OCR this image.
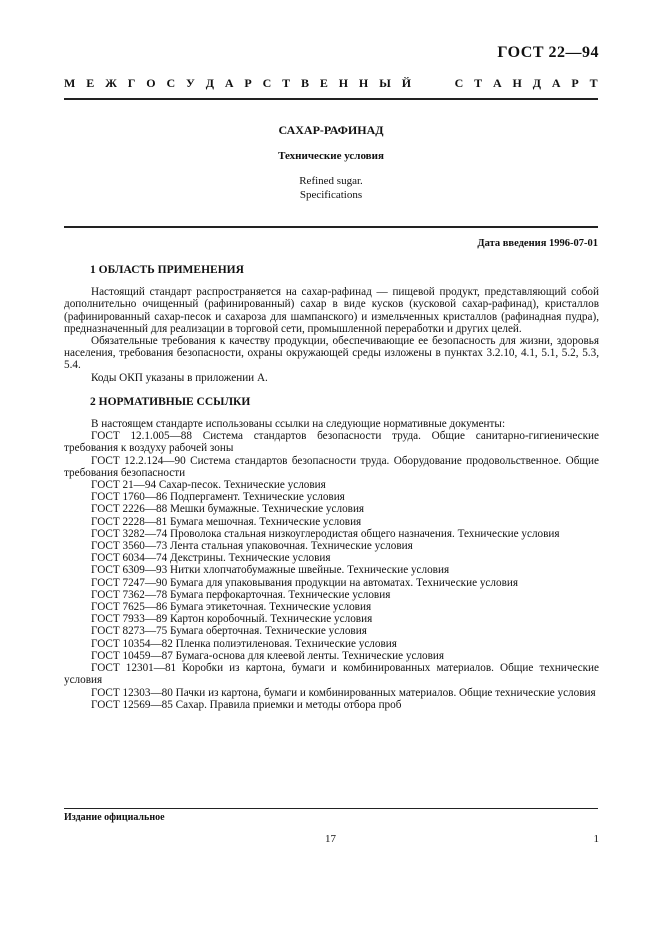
ГОСТ 22—94
М Е Ж Г О С У Д А Р С Т В Е Н Н Ы Й	С Т А Н Д А Р Т
САХАР-РАФИНАД
Технические условия
Refined sugar.
Specifications
Дата введения 1996-07-01
1 ОБЛАСТЬ ПРИМЕНЕНИЯ

Настоящий стандарт распространяется на сахар-рафинад — пищевой продукт, представляющий собой дополнительно очищенный (рафинированный) сахар в виде кусков (кусковой сахар-рафинад), кристаллов (рафинированный сахар-песок и сахароза для шампанского) и измельченных кристаллов (рафинадная пудра), предназначенный для реализации в торговой сети, промышленной переработки и других целей.

Обязательные требования к качеству продукции, обеспечивающие ее безопасность для жизни, здоровья населения, требования безопасности, охраны окружающей среды изложены в пунктах 3.2.10, 4.1, 5.1, 5.2, 5.3, 5.4.

Коды ОКП указаны в приложении А.

2 НОРМАТИВНЫЕ ССЫЛКИ

В настоящем стандарте использованы ссылки на следующие нормативные документы:

ГОСТ 12.1.005—88 Система стандартов безопасности труда. Общие санитарно-гигиенические требования к воздуху рабочей зоны
ГОСТ 12.2.124—90 Система стандартов безопасности труда. Оборудование продовольственное. Общие требования безопасности
ГОСТ 21—94 Сахар-песок. Технические условия
ГОСТ 1760—86 Подпергамент. Технические условия
ГОСТ 2226—88 Мешки бумажные. Технические условия
ГОСТ 2228—81 Бумага мешочная. Технические условия
ГОСТ 3282—74 Проволока стальная низкоуглеродистая общего назначения. Технические условия
ГОСТ 3560—73 Лента стальная упаковочная. Технические условия
ГОСТ 6034—74 Декстрины. Технические условия
ГОСТ 6309—93 Нитки хлопчатобумажные швейные. Технические условия
ГОСТ 7247—90 Бумага для упаковывания продукции на автоматах. Технические условия
ГОСТ 7362—78 Бумага перфокарточная. Технические условия
ГОСТ 7625—86 Бумага этикеточная. Технические условия
ГОСТ 7933—89 Картон коробочный. Технические условия
ГОСТ 8273—75 Бумага оберточная. Технические условия
ГОСТ 10354—82 Пленка полиэтиленовая. Технические условия
ГОСТ 10459—87 Бумага-основа для клеевой ленты. Технические условия
ГОСТ 12301—81 Коробки из картона, бумаги и комбинированных материалов. Общие технические условия
ГОСТ 12303—80 Пачки из картона, бумаги и комбинированных материалов. Общие технические условия
ГОСТ 12569—85 Сахар. Правила приемки и методы отбора проб
Издание официальное
17	1
